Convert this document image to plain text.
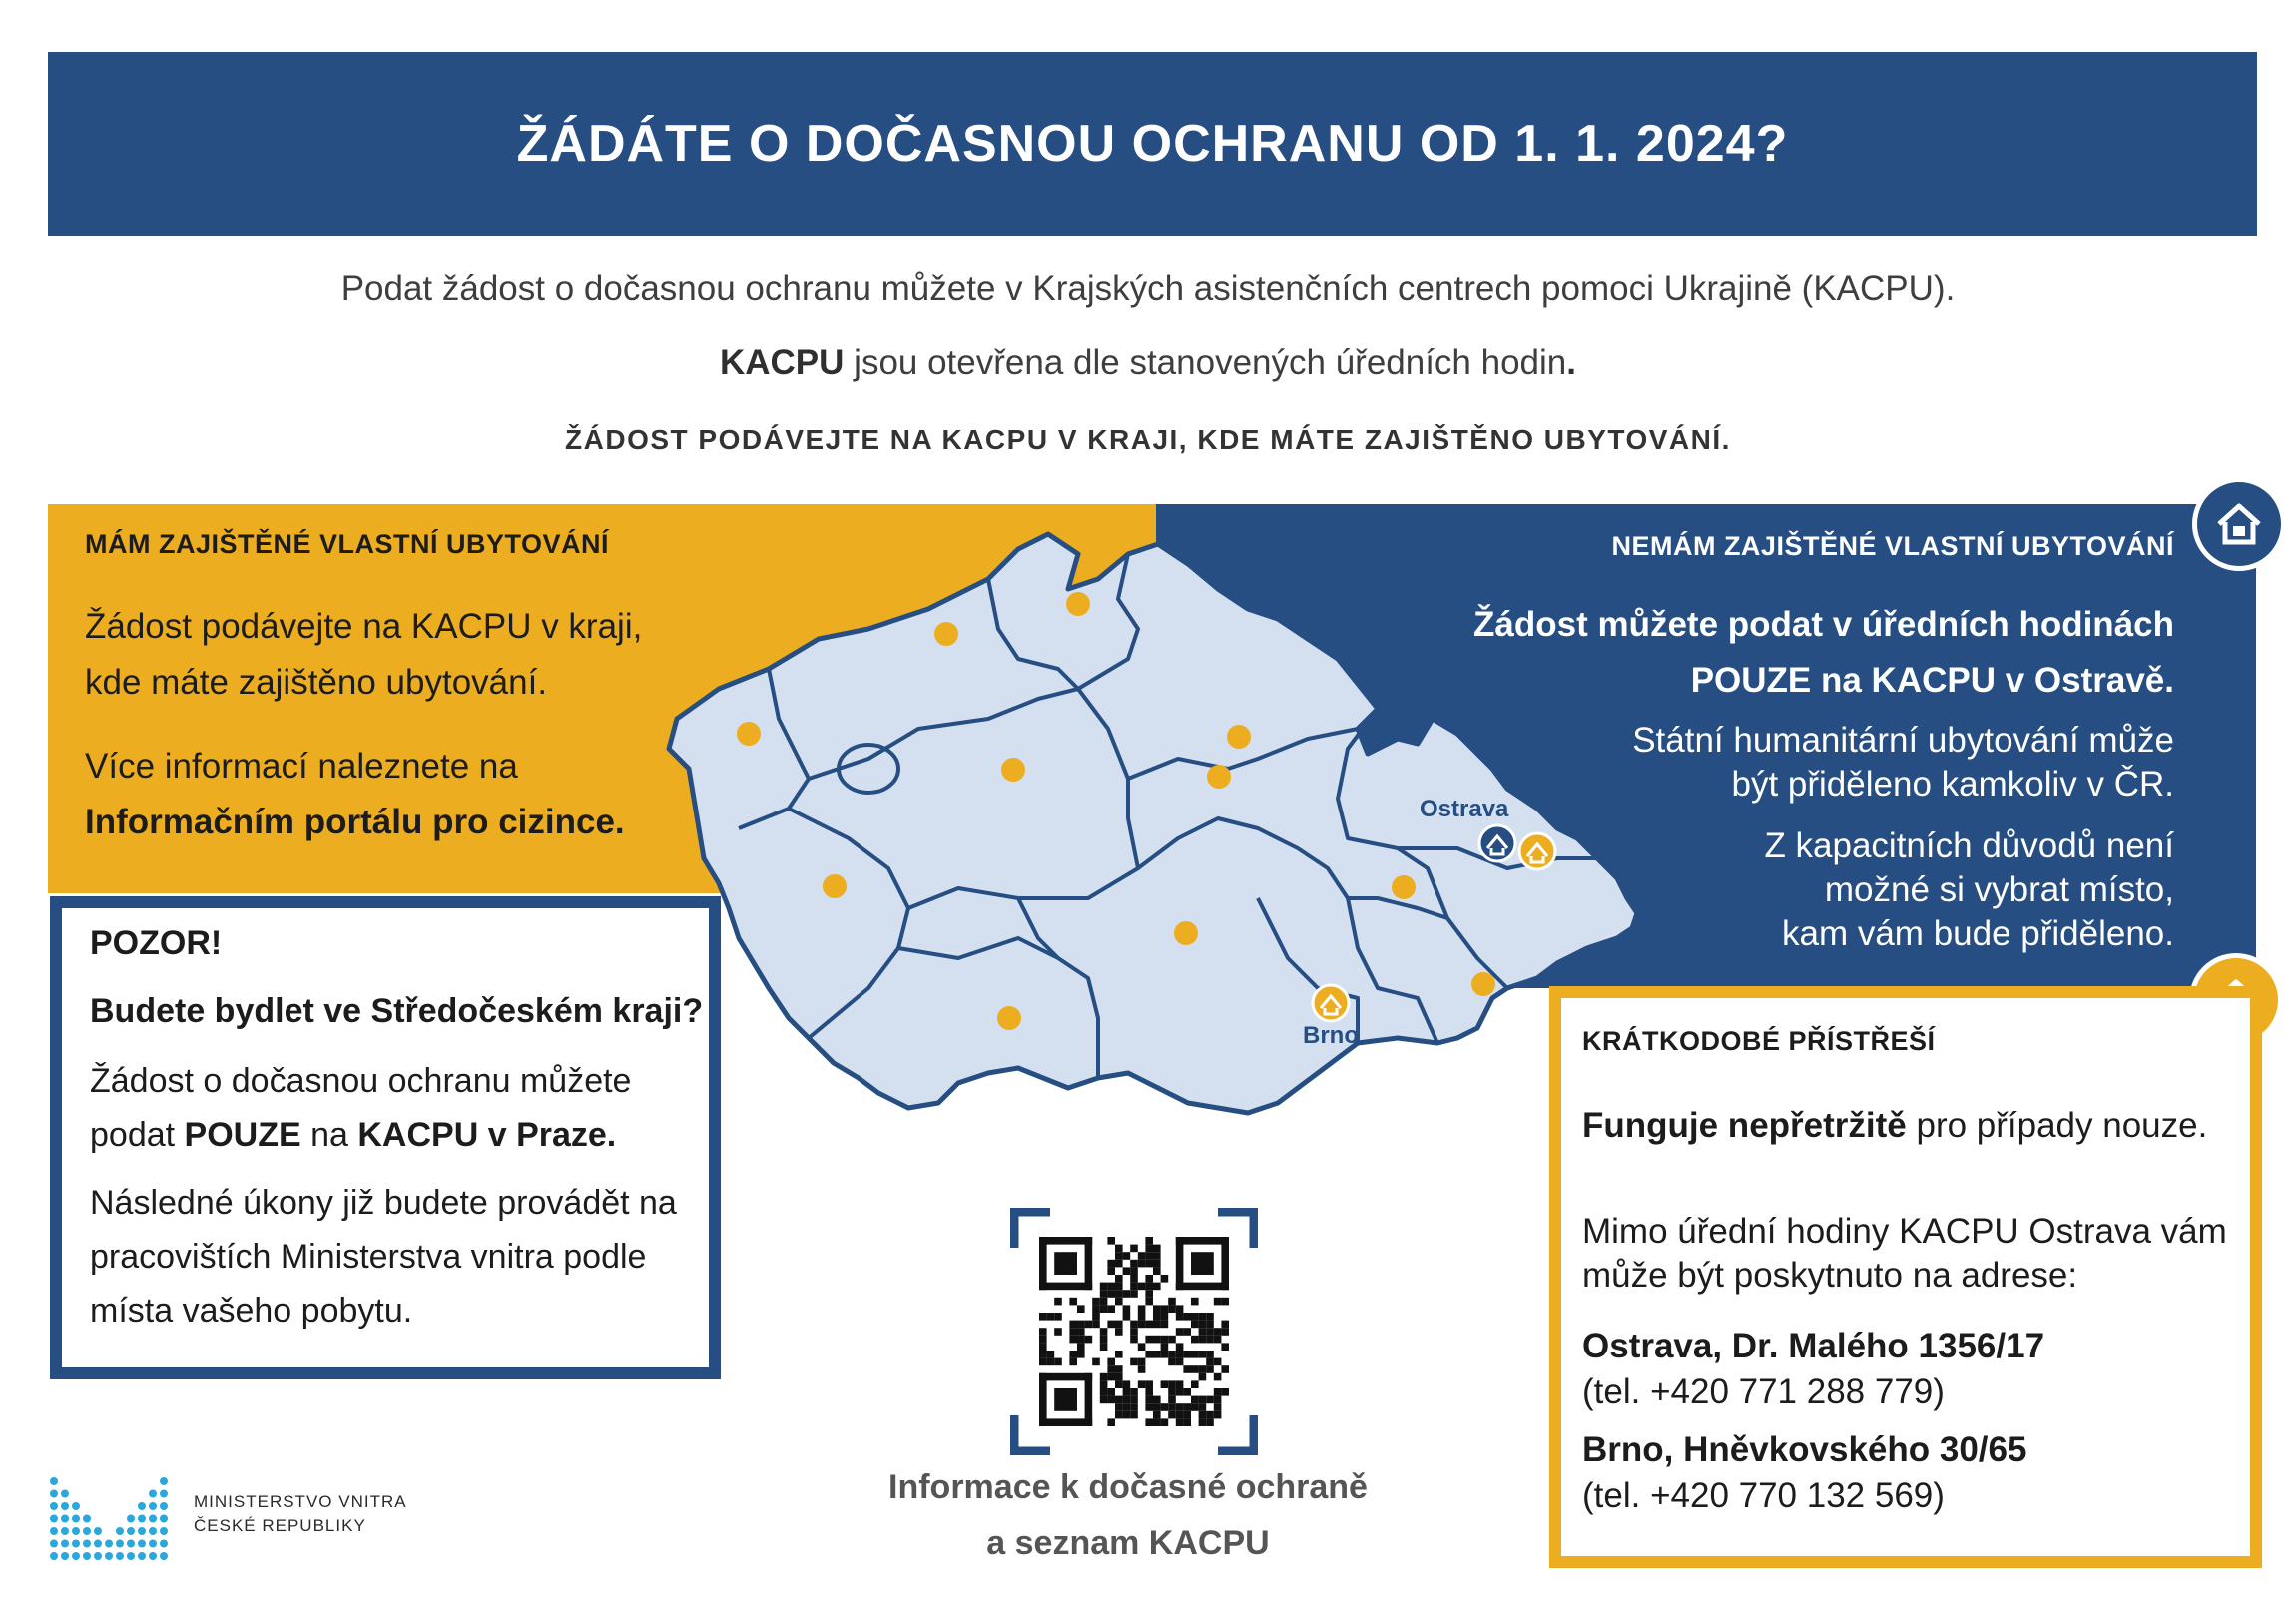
ŽÁDÁTE O DOČASNOU OCHRANU OD 1. 1. 2024?
Podat žádost o dočasnou ochranu můžete v Krajských asistenčních centrech pomoci Ukrajině (KACPU).
KACPU jsou otevřena dle stanovených úředních hodin.
ŽÁDOST PODÁVEJTE NA KACPU V KRAJI, KDE MÁTE ZAJIŠTĚNO UBYTOVÁNÍ.
MÁM ZAJIŠTĚNÉ VLASTNÍ UBYTOVÁNÍ
Žádost podávejte na KACPU v kraji, kde máte zajištěno ubytování.
Více informací naleznete na
Informačním portálu pro cizince.
NEMÁM ZAJIŠTĚNÉ VLASTNÍ UBYTOVÁNÍ
Žádost můžete podat v úředních hodinách
POUZE na KACPU v Ostravě.
Státní humanitární ubytování může
být přiděleno kamkoliv v ČR.
Z kapacitních důvodů není
možné si vybrat místo,
kam vám bude přiděleno.
Ostrava
Brno
POZOR!
Budete bydlet ve Středočeském kraji?
Žádost o dočasnou ochranu můžete podat POUZE na KACPU v Praze.
Následné úkony již budete provádět na pracovištích Ministerstva vnitra podle místa vašeho pobytu.
KRÁTKODOBÉ PŘÍSTŘEŠÍ
Funguje nepřetržitě pro případy nouze.
Mimo úřední hodiny KACPU Ostrava vám může být poskytnuto na adrese:
Ostrava, Dr. Malého 1356/17
(tel. +420 771 288 779)
Brno, Hněvkovského 30/65
(tel. +420 770 132 569)
Informace k dočasné ochraně
a seznam KACPU
MINISTERSTVO VNITRA
ČESKÉ REPUBLIKY
